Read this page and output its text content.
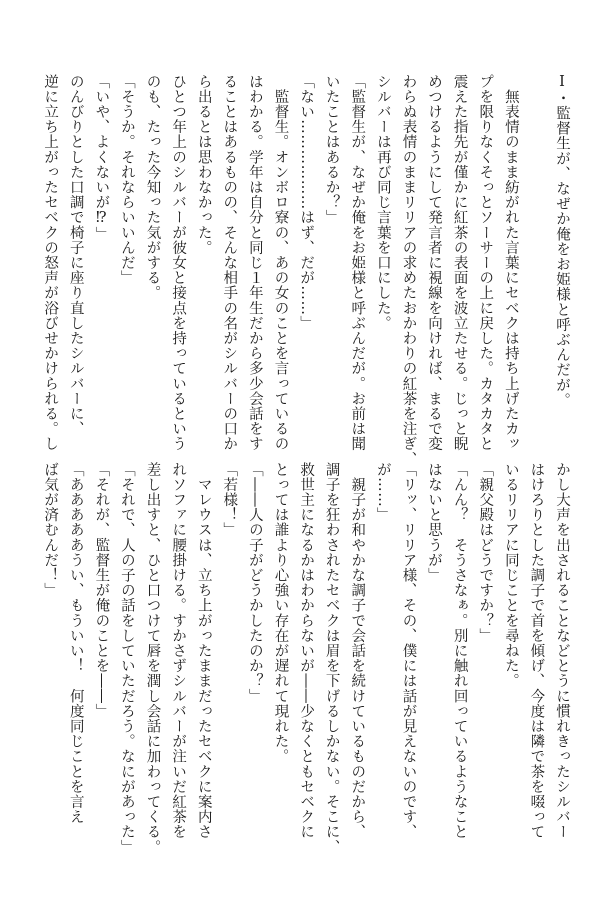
Ⅰ・監督生が、なぜか俺をお姫様と呼ぶんだが。

　無表情のまま紡がれた言葉にセベクは持ち上げたカッ

プを限りなくそっとソーサーの上に戻した。カタカタと

震えた指先が僅かに紅茶の表面を波立たせる。じっと睨

めつけるようにして発言者に視線を向ければ、まるで変

わらぬ表情のままリリアの求めたおかわりの紅茶を注ぎ、

シルバーは再び同じ言葉を口にした。

「監督生が、なぜか俺をお姫様と呼ぶんだが。お前は聞

いたことはあるか？」

「ない………………はず、だが……」

　監督生。オンボロ寮の、あの女のことを言っているの

はわかる。学年は自分と同じ１年生だから多少会話をす

ることはあるものの、そんな相手の名がシルバーの口か

ら出るとは思わなかった。

ひとつ年上のシルバーが彼女と接点を持っているという

のも、たった今知った気がする。

「そうか。それならいいんだ」

「いや、よくないが⁉」

のんびりとした口調で椅子に座り直したシルバーに、

逆に立ち上がったセベクの怒声が浴びせかけられる。し

かし大声を出されることなどとうに慣れきったシルバー

はけろりとした調子で首を傾げ、今度は隣で茶を啜って

いるリリアに同じことを尋ねた。

「親父殿はどうですか？」

「んん？　そうさなぁ。別に触れ回っているようなこと

はないと思うが」

「リッ、リリア様、その、僕には話が見えないのです、

が……」

　親子が和やかな調子で会話を続けているものだから、

調子を狂わされたセベクは眉を下げるしかない。そこに、

救世主になるかはわからないが――少なくともセベクに

とっては誰より心強い存在が遅れて現れた。

「――人の子がどうかしたのか？」

「若様！」

　マレウスは、立ち上がったままだったセベクに案内さ

れソファに腰掛ける。すかさずシルバーが注いだ紅茶を

差し出すと、ひと口つけて唇を潤し会話に加わってくる。

「それで、人の子の話をしていただろう。なにがあった」

「それが、監督生が俺のことを――」

「あああああうい、もういい！　何度同じことを言え

ば気が済むんだ！」
